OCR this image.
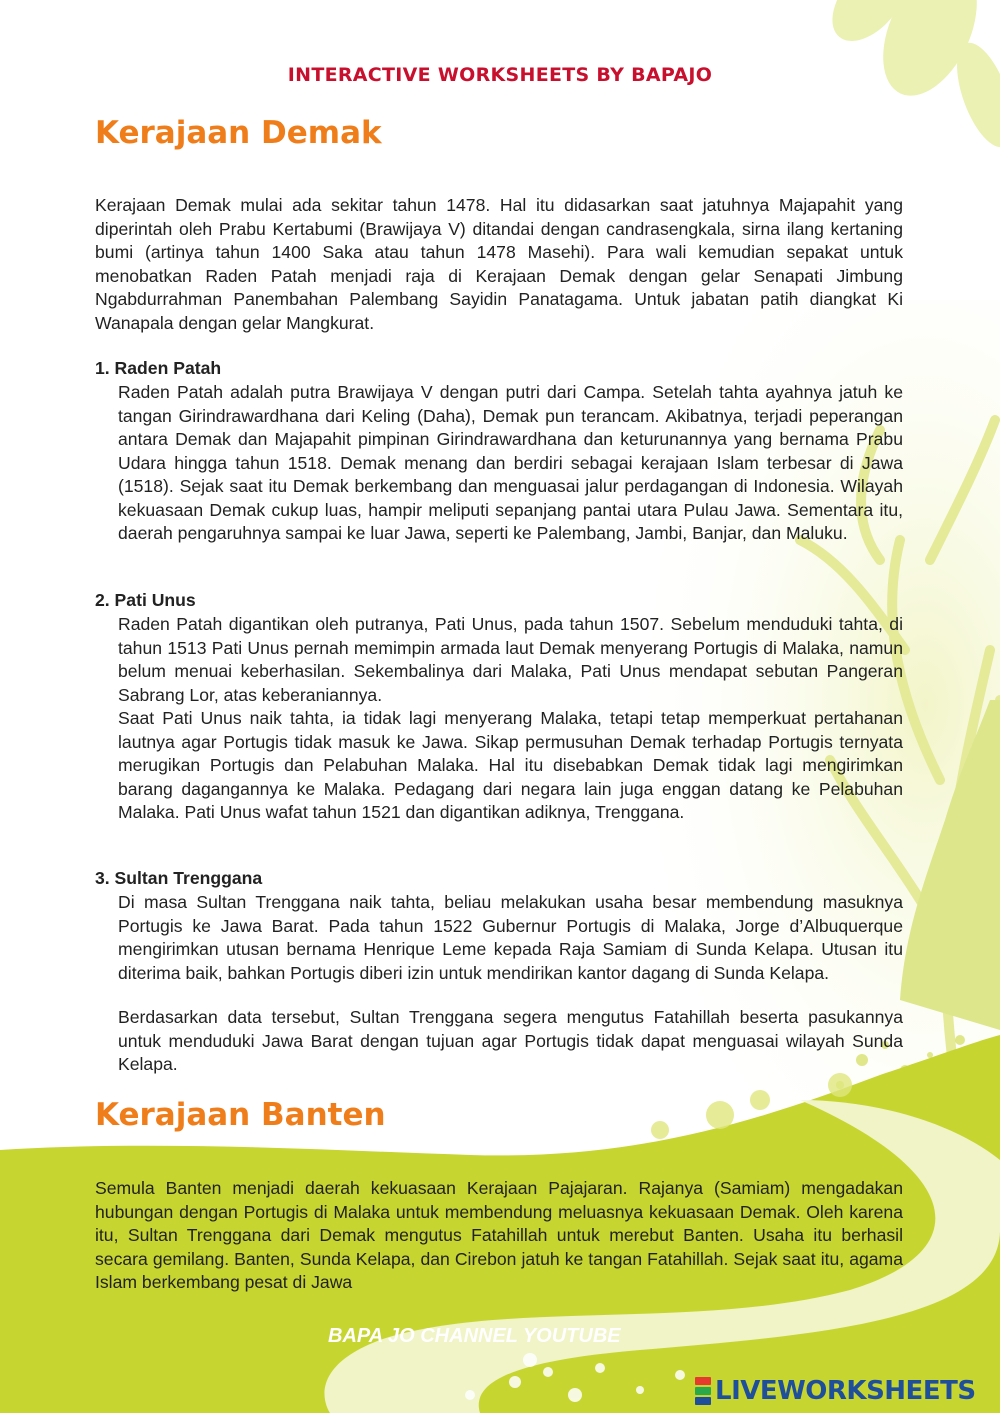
INTERACTIVE WORKSHEETS BY BAPAJO
Kerajaan Demak

Kerajaan Demak mulai ada sekitar tahun 1478. Hal itu didasarkan saat jatuhnya Majapahit yang diperintah oleh Prabu Kertabumi (Brawijaya V) ditandai dengan candrasengkala, sirna ilang kertaning bumi (artinya tahun 1400 Saka atau tahun 1478 Masehi). Para wali kemudian sepakat untuk menobatkan Raden Patah menjadi raja di Kerajaan Demak dengan gelar Senapati Jimbung Ngabdurrahman Panembahan Palembang Sayidin Panatagama. Untuk jabatan patih diangkat Ki Wanapala dengan gelar Mangkurat.

1. Raden Patah

Raden Patah adalah putra Brawijaya V dengan putri dari Campa. Setelah tahta ayahnya jatuh ke tangan Girindrawardhana dari Keling (Daha), Demak pun terancam. Akibatnya, terjadi peperangan antara Demak dan Majapahit pimpinan Girindrawardhana dan keturunannya yang bernama Prabu Udara hingga tahun 1518. Demak menang dan berdiri sebagai kerajaan Islam terbesar di Jawa (1518). Sejak saat itu Demak berkembang dan menguasai jalur perdagangan di Indonesia. Wilayah kekuasaan Demak cukup luas, hampir meliputi sepanjang pantai utara Pulau Jawa. Sementara itu, daerah pengaruhnya sampai ke luar Jawa, seperti ke Palembang, Jambi, Banjar, dan Maluku.

2. Pati Unus

Raden Patah digantikan oleh putranya, Pati Unus, pada tahun 1507. Sebelum menduduki tahta, di tahun 1513 Pati Unus pernah memimpin armada laut Demak menyerang Portugis di Malaka, namun belum menuai keberhasilan. Sekembalinya dari Malaka, Pati Unus mendapat sebutan Pangeran Sabrang Lor, atas keberaniannya.

Saat Pati Unus naik tahta, ia tidak lagi menyerang Malaka, tetapi tetap memperkuat pertahanan lautnya agar Portugis tidak masuk ke Jawa. Sikap permusuhan Demak terhadap Portugis ternyata merugikan Portugis dan Pelabuhan Malaka. Hal itu disebabkan Demak tidak lagi mengirimkan barang dagangannya ke Malaka. Pedagang dari negara lain juga enggan datang ke Pelabuhan Malaka. Pati Unus wafat tahun 1521 dan digantikan adiknya, Trenggana.

3. Sultan Trenggana

Di masa Sultan Trenggana naik tahta, beliau melakukan usaha besar membendung masuknya Portugis ke Jawa Barat. Pada tahun 1522 Gubernur Portugis di Malaka, Jorge d’Albuquerque mengirimkan utusan bernama Henrique Leme kepada Raja Samiam di Sunda Kelapa. Utusan itu diterima baik, bahkan Portugis diberi izin untuk mendirikan kantor dagang di Sunda Kelapa.

Berdasarkan data tersebut, Sultan Trenggana segera mengutus Fatahillah beserta pasukannya untuk menduduki Jawa Barat dengan tujuan agar Portugis tidak dapat menguasai wilayah Sunda Kelapa.

Kerajaan Banten

Semula Banten menjadi daerah kekuasaan Kerajaan Pajajaran. Rajanya (Samiam) mengadakan hubungan dengan Portugis di Malaka untuk membendung meluasnya kekuasaan Demak. Oleh karena itu, Sultan Trenggana dari Demak mengutus Fatahillah untuk merebut Banten. Usaha itu berhasil secara gemilang. Banten, Sunda Kelapa, dan Cirebon jatuh ke tangan Fatahillah. Sejak saat itu, agama Islam berkembang pesat di Jawa

BAPA JO CHANNEL YOUTUBE
LIVEWORKSHEETS
